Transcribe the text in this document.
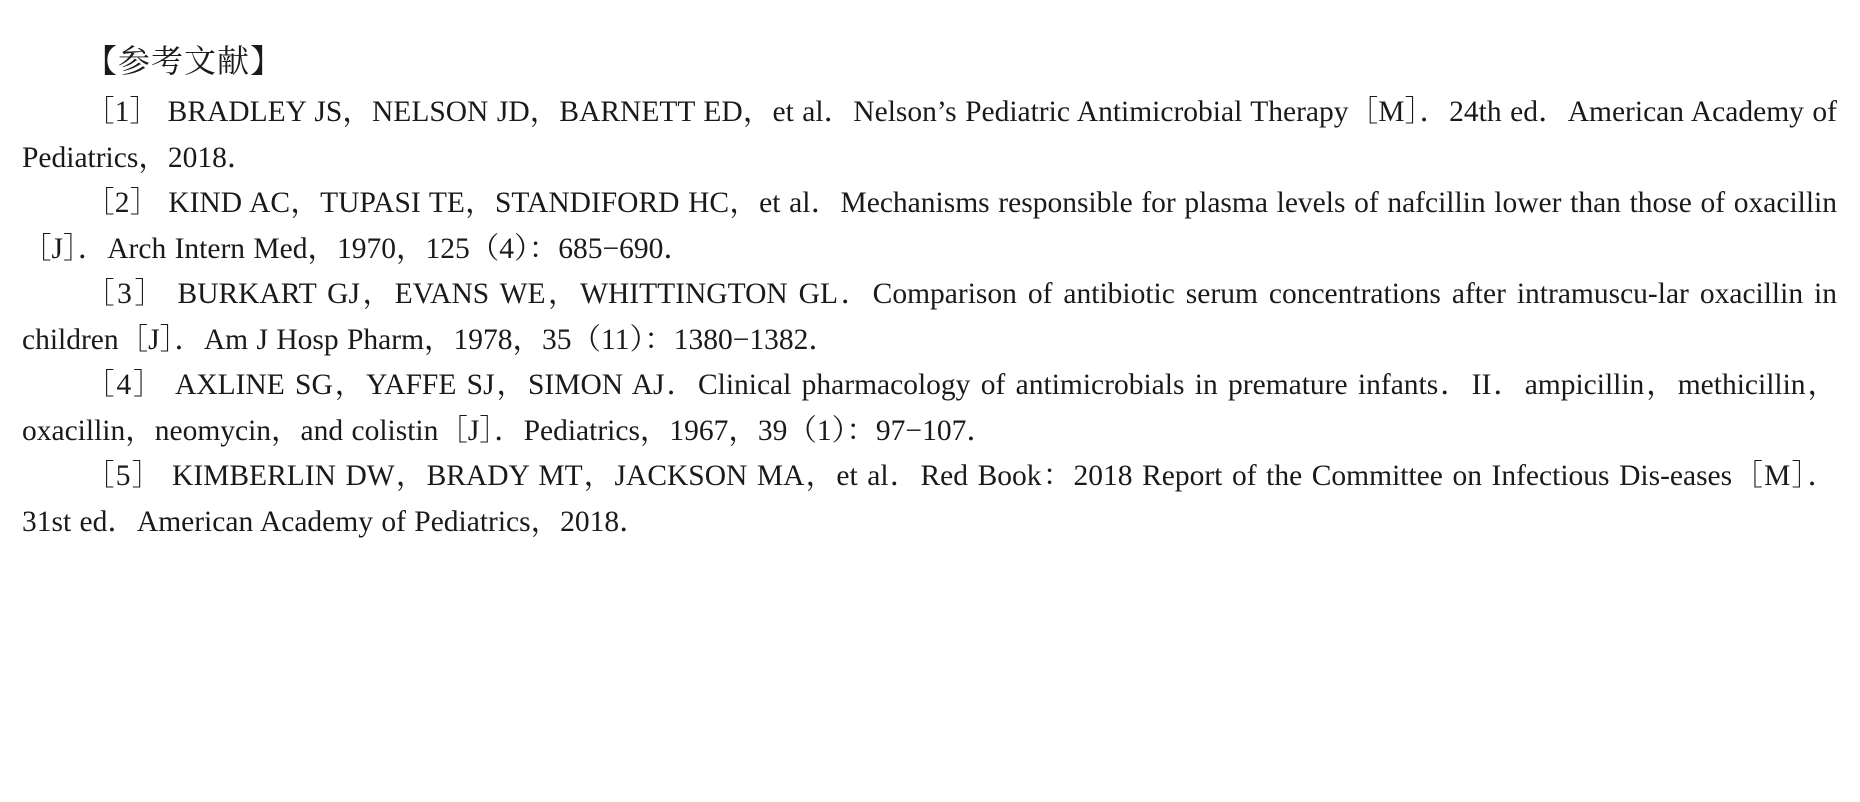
【参考文献】
［1］ BRADLEY JS，NELSON JD，BARNETT ED，et al．Nelson’s Pediatric Antimicrobial Therapy［M］．24th ed．American Academy of Pediatrics，2018．
［2］ KIND AC，TUPASI TE，STANDIFORD HC，et al．Mechanisms responsible for plasma levels of nafcillin lower than those of oxacillin［J］．Arch Intern Med，1970，125（4）：685−690．
［3］ BURKART GJ，EVANS WE，WHITTINGTON GL．Comparison of antibiotic serum concentrations after intramuscu-lar oxacillin in children［J］．Am J Hosp Pharm，1978，35（11）：1380−1382．
［4］ AXLINE SG，YAFFE SJ，SIMON AJ．Clinical pharmacology of antimicrobials in premature infants．II．ampicillin，methicillin，oxacillin，neomycin，and colistin［J］．Pediatrics，1967，39（1）：97−107．
［5］ KIMBERLIN DW，BRADY MT，JACKSON MA，et al．Red Book：2018 Report of the Committee on Infectious Dis-eases［M］．31st ed．American Academy of Pediatrics，2018．
